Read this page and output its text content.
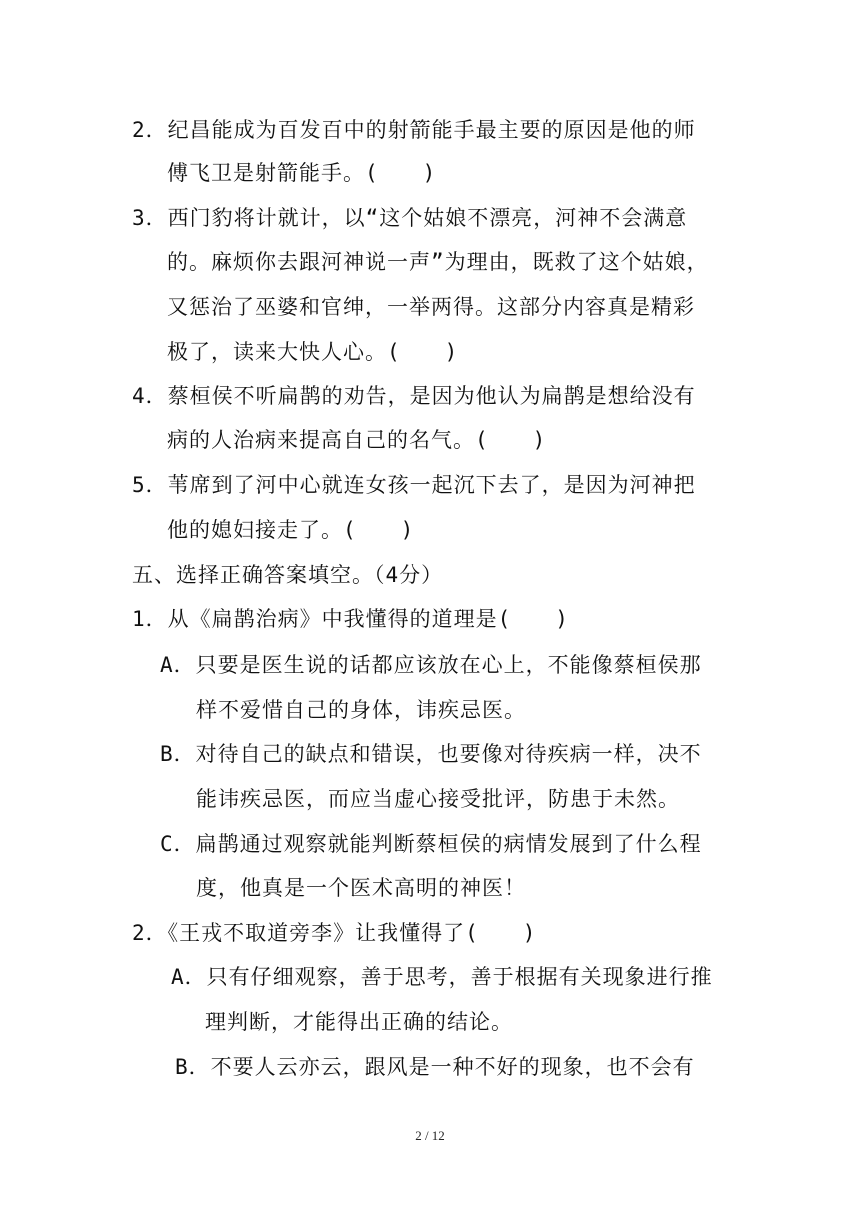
2．纪昌能成为百发百中的射箭能手最主要的原因是他的师
傅飞卫是射箭能手。(　　)
3．西门豹将计就计，以“这个姑娘不漂亮，河神不会满意
的。麻烦你去跟河神说一声”为理由，既救了这个姑娘，
又惩治了巫婆和官绅，一举两得。这部分内容真是精彩
极了，读来大快人心。(　　)
4．蔡桓侯不听扁鹊的劝告，是因为他认为扁鹊是想给没有
病的人治病来提高自己的名气。(　　)
5．苇席到了河中心就连女孩一起沉下去了，是因为河神把
他的媳妇接走了。(　　)
五、选择正确答案填空。（4分）
1．从《扁鹊治病》中我懂得的道理是(　　)
A．只要是医生说的话都应该放在心上，不能像蔡桓侯那
样不爱惜自己的身体，讳疾忌医。
B．对待自己的缺点和错误，也要像对待疾病一样，决不
能讳疾忌医，而应当虚心接受批评，防患于未然。
C．扁鹊通过观察就能判断蔡桓侯的病情发展到了什么程
度，他真是一个医术高明的神医！
2．《王戎不取道旁李》让我懂得了(　　)
A．只有仔细观察，善于思考，善于根据有关现象进行推
理判断，才能得出正确的结论。
B．不要人云亦云，跟风是一种不好的现象，也不会有
2 / 12
